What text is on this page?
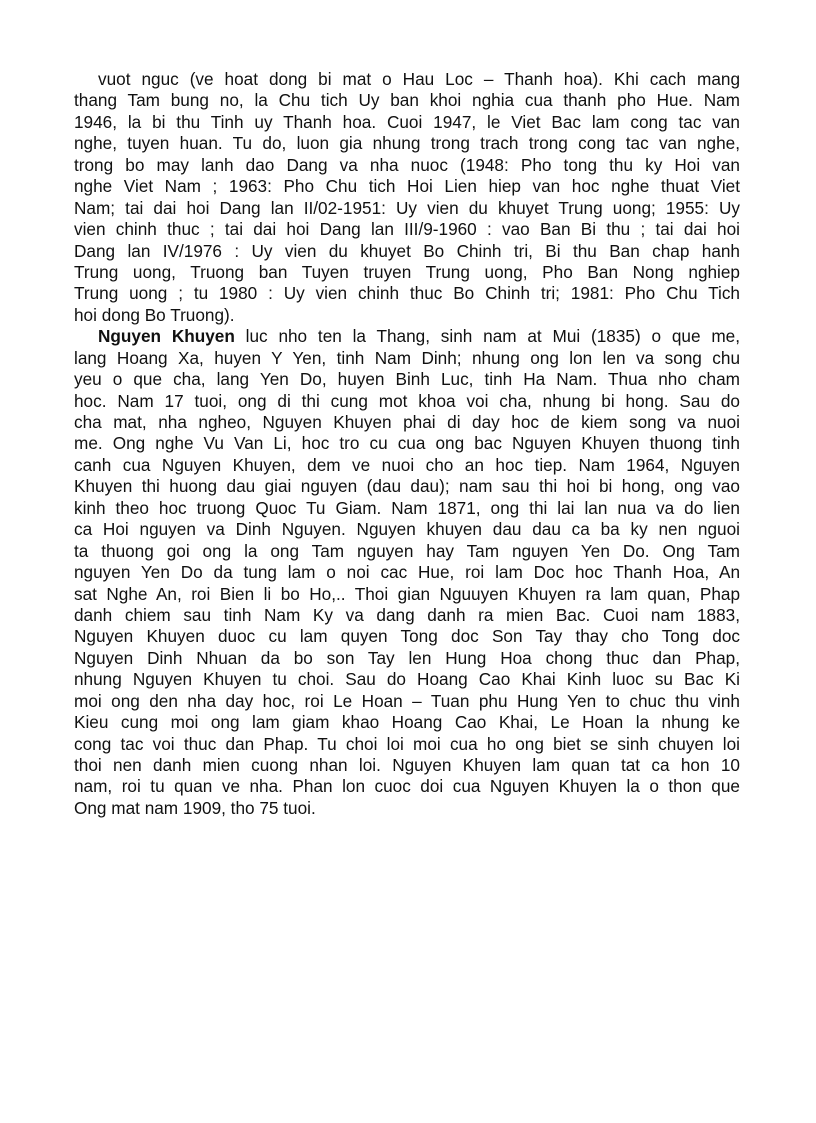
vuot nguc (ve hoat dong bi mat o Hau Loc – Thanh hoa). Khi cach mang
thang Tam bung no, la Chu tich Uy ban khoi nghia cua thanh pho Hue. Nam
1946, la bi thu Tinh uy Thanh hoa. Cuoi 1947, le Viet Bac lam cong tac van
nghe, tuyen huan. Tu do, luon gia nhung trong trach trong cong tac van nghe,
trong bo may lanh dao Dang va nha nuoc (1948: Pho tong thu ky Hoi van
nghe Viet Nam ; 1963: Pho Chu tich Hoi Lien hiep van hoc nghe thuat Viet
Nam; tai dai hoi Dang lan II/02-1951: Uy vien du khuyet Trung uong; 1955: Uy
vien chinh thuc ; tai dai hoi Dang lan III/9-1960 : vao Ban Bi thu ; tai dai hoi
Dang lan IV/1976 : Uy vien du khuyet Bo Chinh tri, Bi thu Ban chap hanh
Trung uong, Truong ban Tuyen truyen Trung uong, Pho Ban Nong nghiep
Trung uong ; tu 1980 : Uy vien chinh thuc Bo Chinh tri; 1981: Pho Chu Tich
hoi dong Bo Truong).
Nguyen Khuyen luc nho ten la Thang, sinh nam at Mui (1835) o que me,
lang Hoang Xa, huyen Y Yen, tinh Nam Dinh; nhung ong lon len va song chu
yeu o que cha, lang Yen Do, huyen Binh Luc, tinh Ha Nam. Thua nho cham
hoc. Nam 17 tuoi, ong di thi cung mot khoa voi cha, nhung bi hong. Sau do
cha mat, nha ngheo, Nguyen Khuyen phai di day hoc de kiem song va nuoi
me. Ong nghe Vu Van Li, hoc tro cu cua ong bac Nguyen Khuyen thuong tinh
canh cua Nguyen Khuyen, dem ve nuoi cho an hoc tiep. Nam 1964, Nguyen
Khuyen thi huong dau giai nguyen (dau dau); nam sau thi hoi bi hong, ong vao
kinh theo hoc truong Quoc Tu Giam. Nam 1871, ong thi lai lan nua va do lien
ca Hoi nguyen va Dinh Nguyen. Nguyen khuyen dau dau ca ba ky nen nguoi
ta thuong goi ong la ong Tam nguyen hay Tam nguyen Yen Do. Ong Tam
nguyen Yen Do da tung lam o noi cac Hue, roi lam Doc hoc Thanh Hoa, An
sat Nghe An, roi Bien li bo Ho,.. Thoi gian Nguuyen Khuyen ra lam quan, Phap
danh chiem sau tinh Nam Ky va dang danh ra mien Bac. Cuoi nam 1883,
Nguyen Khuyen duoc cu lam quyen Tong doc Son Tay thay cho Tong doc
Nguyen Dinh Nhuan da bo son Tay len Hung Hoa chong thuc dan Phap,
nhung Nguyen Khuyen tu choi. Sau do Hoang Cao Khai Kinh luoc su Bac Ki
moi ong den nha day hoc, roi Le Hoan – Tuan phu Hung Yen to chuc thu vinh
Kieu cung moi ong lam giam khao Hoang Cao Khai, Le Hoan la nhung ke
cong tac voi thuc dan Phap. Tu choi loi moi cua ho ong biet se sinh chuyen loi
thoi nen danh mien cuong nhan loi. Nguyen Khuyen lam quan tat ca hon 10
nam, roi tu quan ve nha. Phan lon cuoc doi cua Nguyen Khuyen la o thon que
Ong mat nam 1909, tho 75 tuoi.
